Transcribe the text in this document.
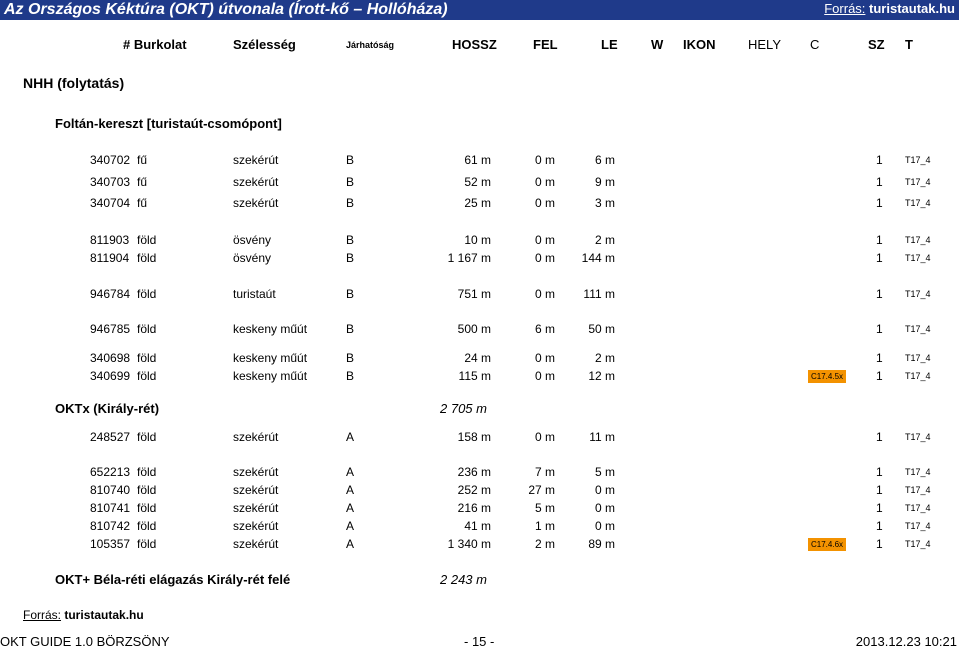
Az Országos Kéktúra (OKT) útvonala (Írott-kő – Hollóháza)	Forrás: turistautak.hu
# Burkolat	Szélesség	Járhatóság	HOSSZ	FEL	LE	W IKON	HELY C	SZ T
NHH (folytatás)
Foltán-kereszt [turistaút-csomópont]
OKTx (Király-rét)	2 705 m
OKT+ Béla-réti elágazás Király-rét felé	2 243 m
340702 fű	szekérút	B	61 m	0 m	6 m	1 T17_4
340703 fű	szekérút	B	52 m	0 m	9 m	1 T17_4
340704 fű	szekérút	B	25 m	0 m	3 m	1 T17_4
811903 föld	ösvény	B	10 m	0 m	2 m	1 T17_4
811904 föld	ösvény	B	1 167 m	0 m 144 m	1 T17_4
946784 föld	turistaút	B	751 m	0 m 111 m	1 T17_4
946785 föld	keskeny műút	B	500 m	6 m	50 m	1 T17_4
340698 föld	keskeny műút	B	24 m	0 m	2 m	1 T17_4
340699 föld	keskeny műút	B	115 m	0 m	12 m	C17.4.5x	1 T17_4
248527 föld	szekérút	A	158 m	0 m	11 m	1 T17_4
652213 föld	szekérút	A	236 m	7 m	5 m	1 T17_4
810740 föld	szekérút	A	252 m	27 m	0 m	1 T17_4
810741 föld	szekérút	A	216 m	5 m	0 m	1 T17_4
810742 föld	szekérút	A	41 m	1 m	0 m	1 T17_4
105357 föld	szekérút	A	1 340 m	2 m	89 m	C17.4.6x	1 T17_4
Forrás: turistautak.hu
OKT GUIDE 1.0 BÖRZSÖNY	- 15 -	2013.12.23 10:21
